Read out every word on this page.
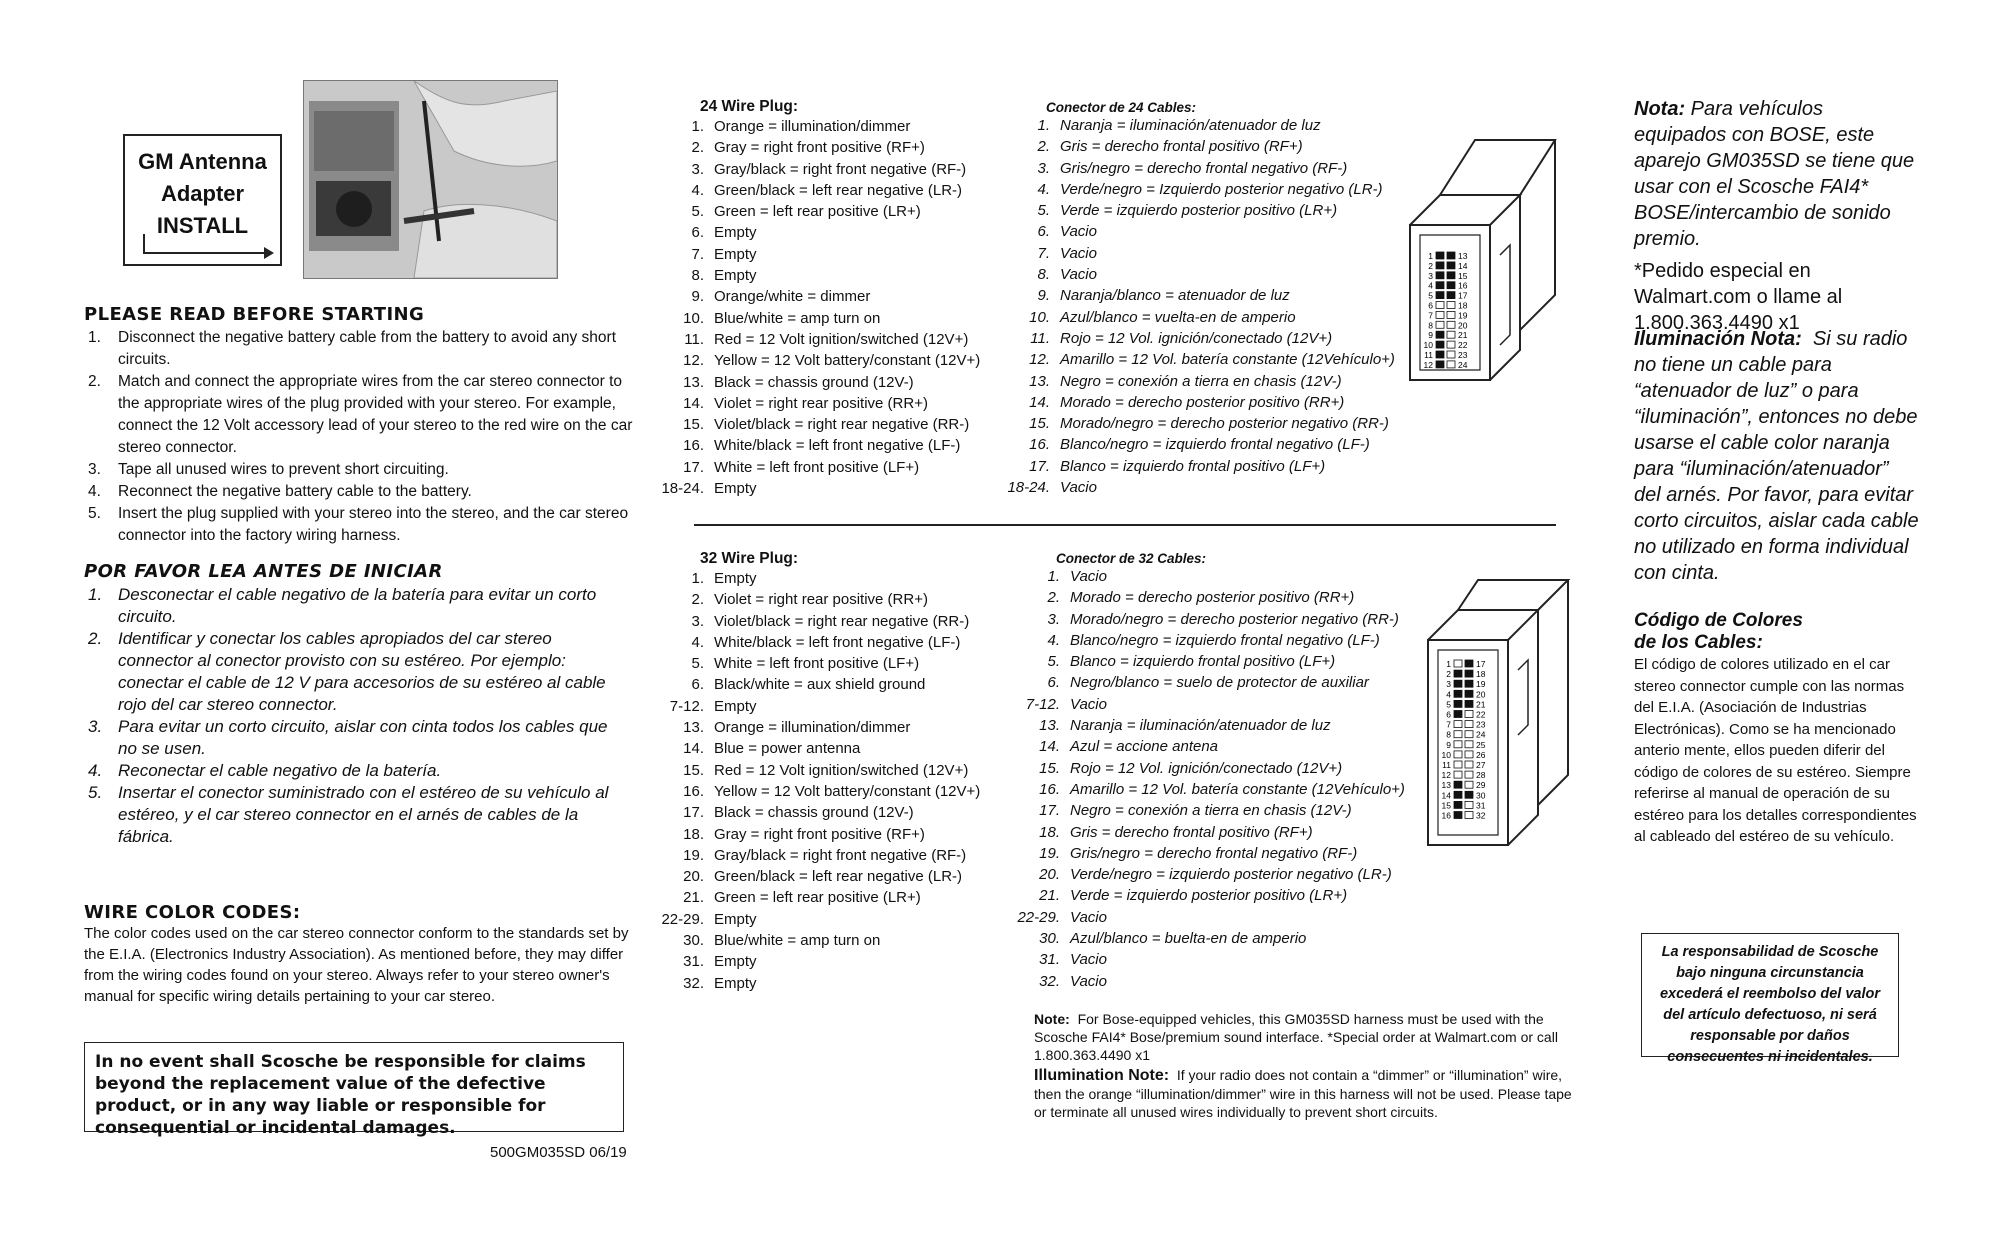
GM Antenna
Adapter
INSTALL
PLEASE READ BEFORE STARTING
1. Disconnect the negative battery cable from the battery to avoid any short circuits.
2. Match and connect the appropriate wires from the car stereo connector to the appropriate wires of the plug provided with your stereo. For example, connect the 12 Volt accessory lead of your stereo to the red wire on the car stereo connector.
3. Tape all unused wires to prevent short circuiting.
4. Reconnect the negative battery cable to the battery.
5. Insert the plug supplied with your stereo into the stereo, and the car stereo connector into the factory wiring harness.
POR FAVOR LEA ANTES DE INICIAR
1. Desconectar el cable negativo de la batería para evitar un corto circuito.
2. Identificar y conectar los cables apropiados del car stereo connector al conector provisto con su estéreo. Por ejemplo: conectar el cable de 12 V para accesorios de su estéreo al cable rojo del car stereo connector.
3. Para evitar un corto circuito, aislar con cinta todos los cables que no se usen.
4. Reconectar el cable negativo de la batería.
5. Insertar el conector suministrado con el estéreo de su vehículo al estéreo, y el car stereo connector en el arnés de cables de la fábrica.
WIRE COLOR CODES:
The color codes used on the car stereo connector conform to the standards set by the E.I.A. (Electronics Industry Association). As mentioned before, they may differ from the wiring codes found on your stereo. Always refer to your stereo owner's manual for specific wiring details pertaining to your car stereo.
In no event shall Scosche be responsible for claims beyond the replacement value of the defective product, or in any way liable or responsible for consequential or incidental damages.
500GM035SD 06/19
24 Wire Plug:
1. Orange = illumination/dimmer
2. Gray = right front positive (RF+)
3. Gray/black = right front negative (RF-)
4. Green/black = left rear negative (LR-)
5. Green = left rear positive (LR+)
6. Empty
7. Empty
8. Empty
9. Orange/white = dimmer
10. Blue/white = amp turn on
11. Red = 12 Volt ignition/switched (12V+)
12. Yellow = 12 Volt battery/constant (12V+)
13. Black = chassis ground (12V-)
14. Violet = right rear positive (RR+)
15. Violet/black = right rear negative (RR-)
16. White/black = left front negative (LF-)
17. White = left front positive (LF+)
18-24. Empty
Conector de 24 Cables:
1. Naranja = iluminación/atenuador de luz
2. Gris = derecho frontal positivo (RF+)
3. Gris/negro = derecho frontal negativo (RF-)
4. Verde/negro = Izquierdo posterior negativo (LR-)
5. Verde = izquierdo posterior positivo (LR+)
6. Vacio
7. Vacio
8. Vacio
9. Naranja/blanco = atenuador de luz
10. Azul/blanco = vuelta-en de amperio
11. Rojo = 12 Vol. ignición/conectado (12V+)
12. Amarillo = 12 Vol. batería constante (12Vehículo+)
13. Negro = conexión a tierra en chasis (12V-)
14. Morado = derecho posterior positivo (RR+)
15. Morado/negro = derecho posterior negativo (RR-)
16. Blanco/negro = izquierdo frontal negativo (LF-)
17. Blanco = izquierdo frontal positivo (LF+)
18-24. Vacio
1	13
2	14
3	15
4	16
5	17
6	18
7	19
8	20
9	21
10	22
11	23
12	24
32 Wire Plug:
1. Empty
2. Violet = right rear positive (RR+)
3. Violet/black = right rear negative (RR-)
4. White/black = left front negative (LF-)
5. White = left front positive (LF+)
6. Black/white = aux shield ground
7-12. Empty
13. Orange = illumination/dimmer
14. Blue = power antenna
15. Red = 12 Volt ignition/switched (12V+)
16. Yellow = 12 Volt battery/constant (12V+)
17. Black = chassis ground (12V-)
18. Gray = right front positive (RF+)
19. Gray/black = right front negative (RF-)
20. Green/black = left rear negative (LR-)
21. Green = left rear positive (LR+)
22-29. Empty
30. Blue/white = amp turn on
31. Empty
32. Empty
Conector de 32 Cables:
1. Vacio
2. Morado = derecho posterior positivo (RR+)
3. Morado/negro = derecho posterior negativo (RR-)
4. Blanco/negro = izquierdo frontal negativo (LF-)
5. Blanco = izquierdo frontal positivo (LF+)
6. Negro/blanco = suelo de protector de auxiliar
7-12. Vacio
13. Naranja = iluminación/atenuador de luz
14. Azul = accione antena
15. Rojo = 12 Vol. ignición/conectado (12V+)
16. Amarillo = 12 Vol. batería constante (12Vehículo+)
17. Negro = conexión a tierra en chasis (12V-)
18. Gris = derecho frontal positivo (RF+)
19. Gris/negro = derecho frontal negativo (RF-)
20. Verde/negro = izquierdo posterior negativo (LR-)
21. Verde = izquierdo posterior positivo (LR+)
22-29. Vacio
30. Azul/blanco = buelta-en de amperio
31. Vacio
32. Vacio
1	17
2	18
3	19
4	20
5	21
6	22
7	23
8	24
9	25
10	26
11	27
12	28
13	29
14	30
15	31
16	32
Note: For Bose-equipped vehicles, this GM035SD harness must be used with the Scosche FAI4* Bose/premium sound interface. *Special order at Walmart.com or call 1.800.363.4490 x1
Illumination Note: If your radio does not contain a “dimmer” or “illumination” wire, then the orange “illumination/dimmer” wire in this harness will not be used. Please tape or terminate all unused wires individually to prevent short circuits.
Nota: Para vehículos equipados con BOSE, este aparejo GM035SD se tiene que usar con el Scosche FAI4* BOSE/intercambio de sonido premio.
*Pedido especial en Walmart.com o llame al 1.800.363.4490 x1
Iluminación Nota: Si su radio no tiene un cable para “atenuador de luz” o para “iluminación”, entonces no debe usarse el cable color naranja para “iluminación/atenuador” del arnés. Por favor, para evitar corto circuitos, aislar cada cable no utilizado en forma individual con cinta.
Código de Colores
de los Cables:
El código de colores utilizado en el car stereo connector cumple con las normas del E.I.A. (Asociación de Industrias Electrónicas). Como se ha mencionado anterio mente, ellos pueden diferir del código de colores de su estéreo. Siempre referirse al manual de operación de su estéreo para los detalles correspondientes al cableado del estéreo de su vehículo.
La responsabilidad de Scosche bajo ninguna circunstancia excederá el reembolso del valor del artículo defectuoso, ni será responsable por daños consecuentes ni incidentales.
